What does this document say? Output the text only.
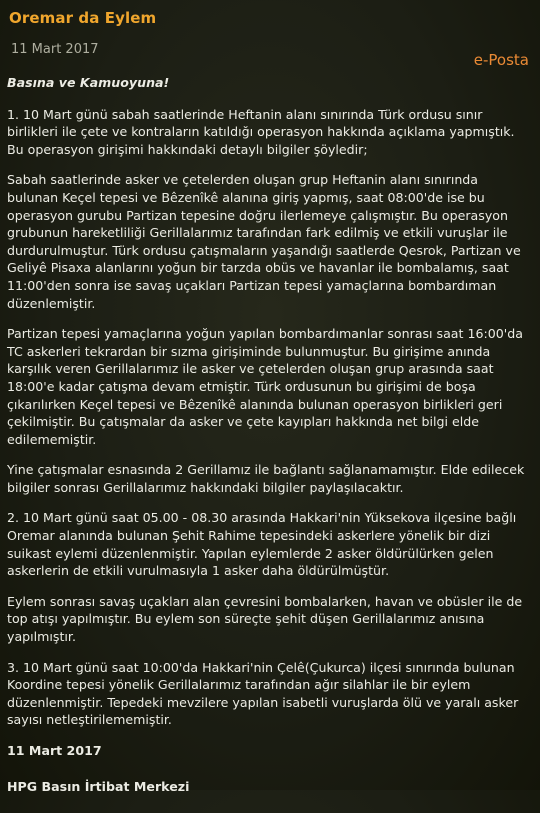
Oremar da Eylem
11 Mart 2017
e-Posta

Basına ve Kamuoyuna!

1. 10 Mart günü sabah saatlerinde Heftanin alanı sınırında Türk ordusu sınır birlikleri ile çete ve kontraların katıldığı operasyon hakkında açıklama yapmıştık. Bu operasyon girişimi hakkındaki detaylı bilgiler şöyledir;

Sabah saatlerinde asker ve çetelerden oluşan grup Heftanin alanı sınırında bulunan Keçel tepesi ve Bêzenîkê alanına giriş yapmış, saat 08:00'de ise bu operasyon gurubu Partizan tepesine doğru ilerlemeye çalışmıştır. Bu operasyon grubunun hareketliliği Gerillalarımız tarafından fark edilmiş ve etkili vuruşlar ile durdurulmuştur. Türk ordusu çatışmaların yaşandığı saatlerde Qesrok, Partizan ve Geliyê Pisaxa alanlarını yoğun bir tarzda obüs ve havanlar ile bombalamış, saat 11:00'den sonra ise savaş uçakları Partizan tepesi yamaçlarına bombardıman düzenlemiştir.

Partizan tepesi yamaçlarına yoğun yapılan bombardımanlar sonrası saat 16:00'da TC askerleri tekrardan bir sızma girişiminde bulunmuştur. Bu girişime anında karşılık veren Gerillalarımız ile asker ve çetelerden oluşan grup arasında saat 18:00'e kadar çatışma devam etmiştir. Türk ordusunun bu girişimi de boşa çıkarılırken Keçel tepesi ve Bêzenîkê alanında bulunan operasyon birlikleri geri çekilmiştir. Bu çatışmalar da asker ve çete kayıpları hakkında net bilgi elde edilememiştir.

Yine çatışmalar esnasında 2 Gerillamız ile bağlantı sağlanamamıştır. Elde edilecek bilgiler sonrası Gerillalarımız hakkındaki bilgiler paylaşılacaktır.

2. 10 Mart günü saat 05.00 - 08.30 arasında Hakkari'nin Yüksekova ilçesine bağlı Oremar alanında bulunan Şehit Rahime tepesindeki askerlere yönelik bir dizi suikast eylemi düzenlenmiştir. Yapılan eylemlerde 2 asker öldürülürken gelen askerlerin de etkili vurulmasıyla 1 asker daha öldürülmüştür.

Eylem sonrası savaş uçakları alan çevresini bombalarken, havan ve obüsler ile de top atışı yapılmıştır. Bu eylem son süreçte şehit düşen Gerillalarımız anısına yapılmıştır.

3. 10 Mart günü saat 10:00'da Hakkari'nin Çelê(Çukurca) ilçesi sınırında bulunan Koordine tepesi yönelik Gerillalarımız tarafından ağır silahlar ile bir eylem düzenlenmiştir. Tepedeki mevzilere yapılan isabetli vuruşlarda ölü ve yaralı asker sayısı netleştirilememiştir.

11 Mart 2017

HPG Basın İrtibat Merkezi
